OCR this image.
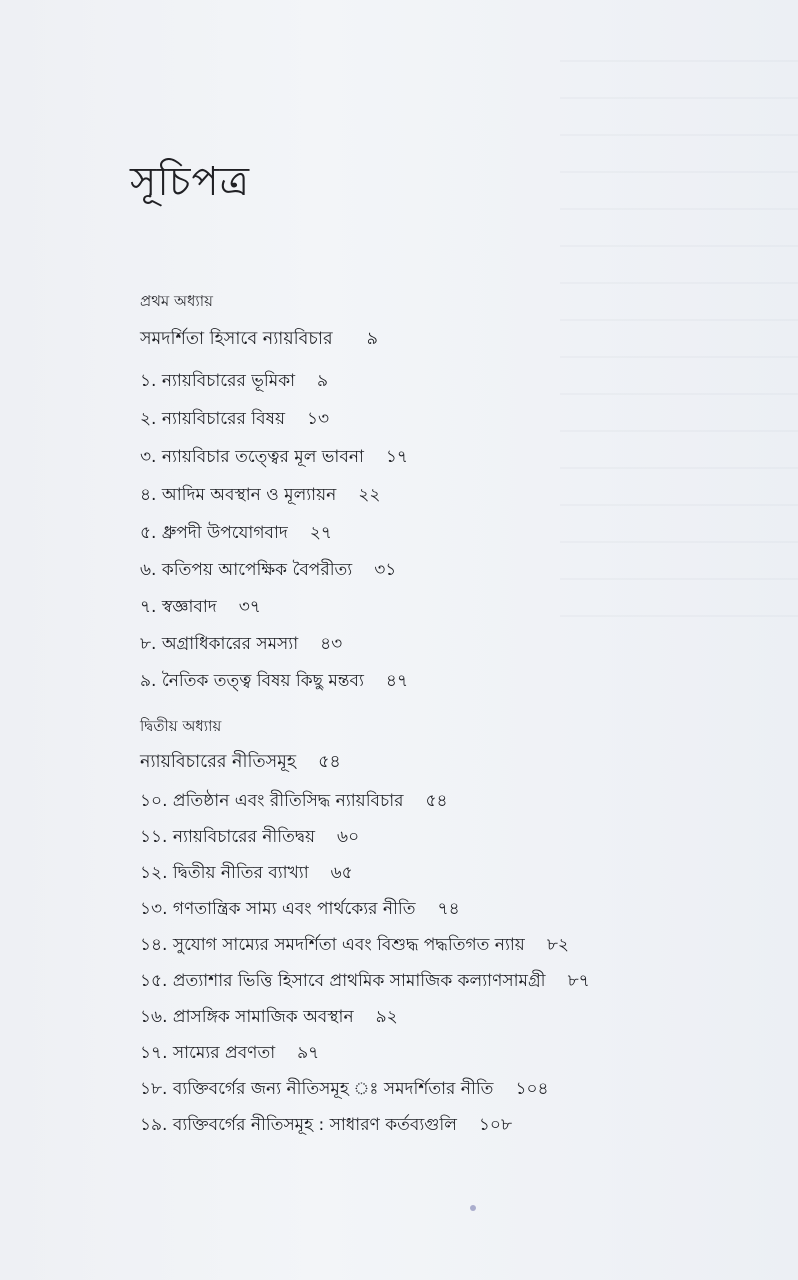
সূচিপত্র
প্রথম অধ্যায়
সমদর্শিতা হিসাবে ন্যায়বিচার ৯
১. ন্যায়বিচারের ভূমিকা ৯
২. ন্যায়বিচারের বিষয় ১৩
৩. ন্যায়বিচার তত্ত্বের মূল ভাবনা ১৭
৪. আদিম অবস্থান ও মূল্যায়ন ২২
৫. ধ্রুপদী উপযোগবাদ ২৭
৬. কতিপয় আপেক্ষিক বৈপরীত্য ৩১
৭. স্বজ্ঞাবাদ ৩৭
৮. অগ্রাধিকারের সমস্যা ৪৩
৯. নৈতিক তত্ত্ব বিষয় কিছু মন্তব্য ৪৭
দ্বিতীয় অধ্যায়
ন্যায়বিচারের নীতিসমূহ ৫৪
১০. প্রতিষ্ঠান এবং রীতিসিদ্ধ ন্যায়বিচার ৫৪
১১. ন্যায়বিচারের নীতিদ্বয় ৬০
১২. দ্বিতীয় নীতির ব্যাখ্যা ৬৫
১৩. গণতান্ত্রিক সাম্য এবং পার্থক্যের নীতি ৭৪
১৪. সুযোগ সাম্যের সমদর্শিতা এবং বিশুদ্ধ পদ্ধতিগত ন্যায় ৮২
১৫. প্রত্যাশার ভিত্তি হিসাবে প্রাথমিক সামাজিক কল্যাণসামগ্রী ৮৭
১৬. প্রাসঙ্গিক সামাজিক অবস্থান ৯২
১৭. সাম্যের প্রবণতা ৯৭
১৮. ব্যক্তিবর্গের জন্য নীতিসমূহ ঃ সমদর্শিতার নীতি ১০৪
১৯. ব্যক্তিবর্গের নীতিসমূহ : সাধারণ কর্তব্যগুলি ১০৮
